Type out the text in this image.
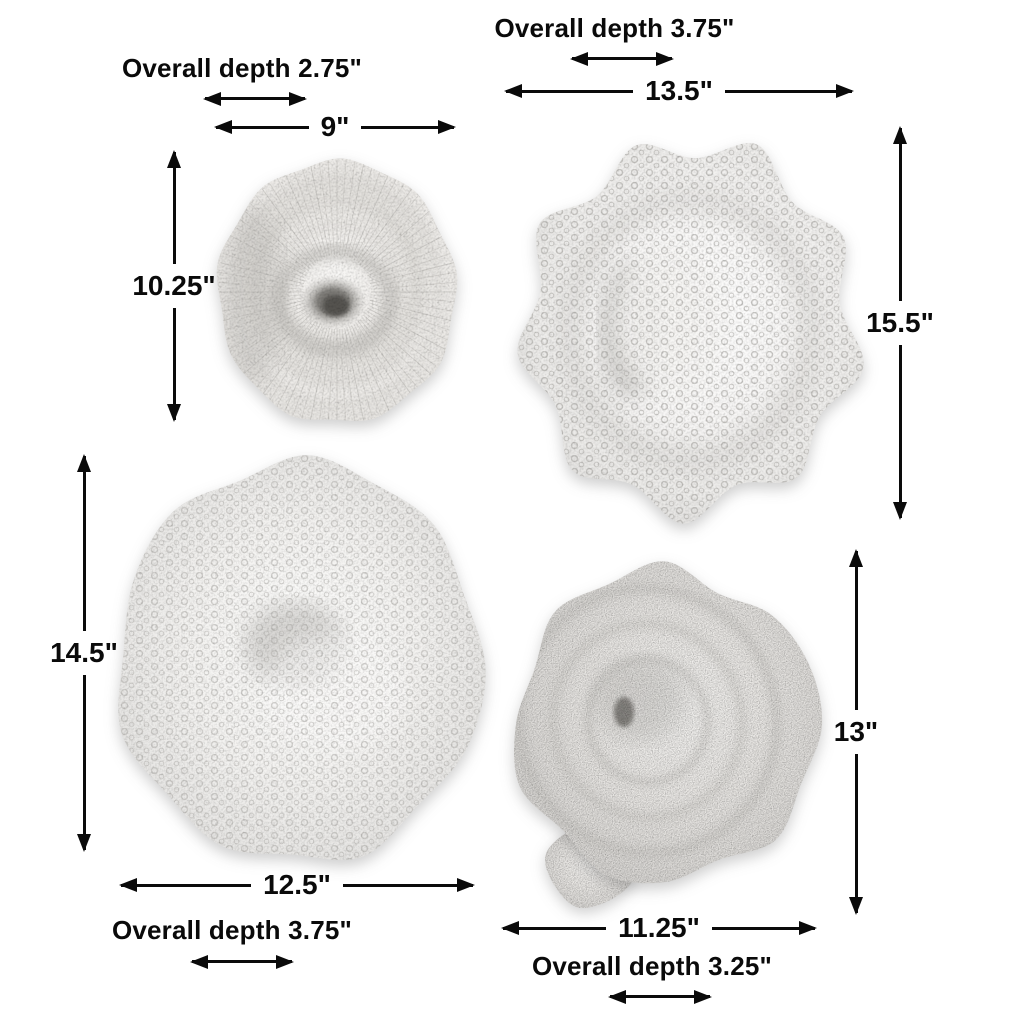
Overall depth 2.75"
9"
10.25"
Overall depth 3.75"
13.5"
15.5"
14.5"
12.5"
Overall depth 3.75"
13"
11.25"
Overall depth 3.25"
